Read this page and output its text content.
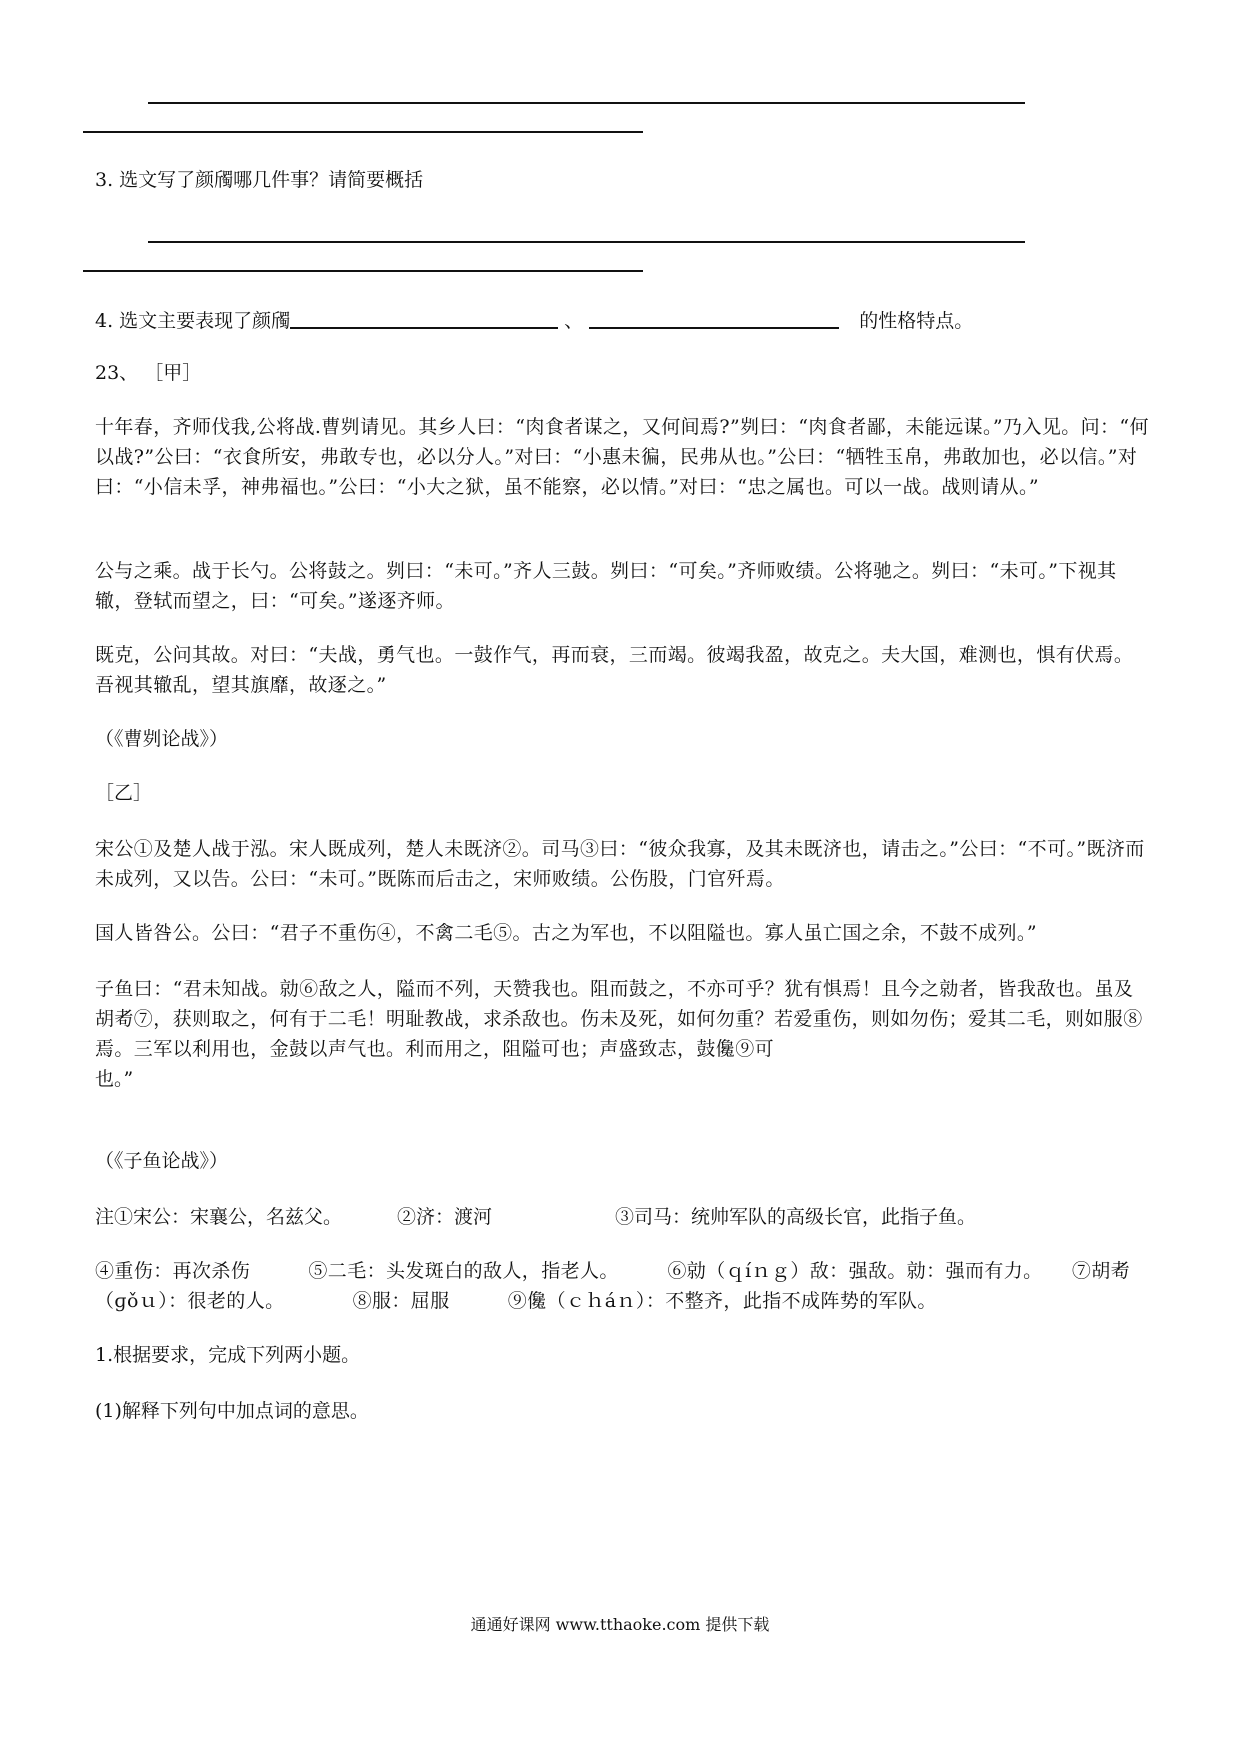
3. 选文写了颜斶哪几件事？请简要概括
4. 选文主要表现了颜斶	、	的性格特点。
23、 ［甲］
十年春，齐师伐我,公将战.曹刿请见。其乡人曰：“肉食者谋之，又何间焉?”刿曰：“肉食者鄙，未能远谋。”乃入见。问：“何以战?”公曰：“衣食所安，弗敢专也，必以分人。”对曰：“小惠未徧，民弗从也。”公曰：“牺牲玉帛，弗敢加也，必以信。”对曰：“小信未孚，神弗福也。”公曰：“小大之狱，虽不能察，必以情。”对曰：“忠之属也。可以一战。战则请从。”
公与之乘。战于长勺。公将鼓之。刿曰：“未可。”齐人三鼓。刿曰：“可矣。”齐师败绩。公将驰之。刿曰：“未可。”下视其辙，登轼而望之，曰：“可矣。”遂逐齐师。
既克，公问其故。对曰：“夫战，勇气也。一鼓作气，再而衰，三而竭。彼竭我盈，故克之。夫大国，难测也，惧有伏焉。吾视其辙乱，望其旗靡，故逐之。”
（《曹刿论战》）
［乙］
宋公①及楚人战于泓。宋人既成列，楚人未既济②。司马③曰：“彼众我寡，及其未既济也，请击之。”公曰：“不可。”既济而未成列，又以告。公曰：“未可。”既陈而后击之，宋师败绩。公伤股，门官歼焉。
国人皆咎公。公曰：“君子不重伤④，不禽二毛⑤。古之为军也，不以阻隘也。寡人虽亡国之余，不鼓不成列。”
子鱼曰：“君未知战。勍⑥敌之人，隘而不列，天赞我也。阻而鼓之，不亦可乎？犹有惧焉！且今之勍者，皆我敌也。虽及胡耇⑦，获则取之，何有于二毛！明耻教战，求杀敌也。伤未及死，如何勿重？若爱重伤，则如勿伤；爱其二毛，则如服⑧焉。三军以利用也，金鼓以声气也。利而用之，阻隘可也；声盛致志，鼓儳⑨可
也。”
（《子鱼论战》）
注①宋公：宋襄公，名兹父。	②济：渡河	③司马：统帅军队的高级长官，此指子鱼。
④重伤：再次杀伤　　　⑤二毛：头发斑白的敌人，指老人。　　　⑥勍（ｑíｎｇ）敌：强敌。勍：强而有力。　　⑦胡耇（ɡǒｕ）：很老的人。　　　　⑧服：屈服　　　⑨儳（ｃｈáｎ）：不整齐，此指不成阵势的军队。
1.根据要求，完成下列两小题。
(1)解释下列句中加点词的意思。
通通好课网 www.tthaoke.com 提供下载
